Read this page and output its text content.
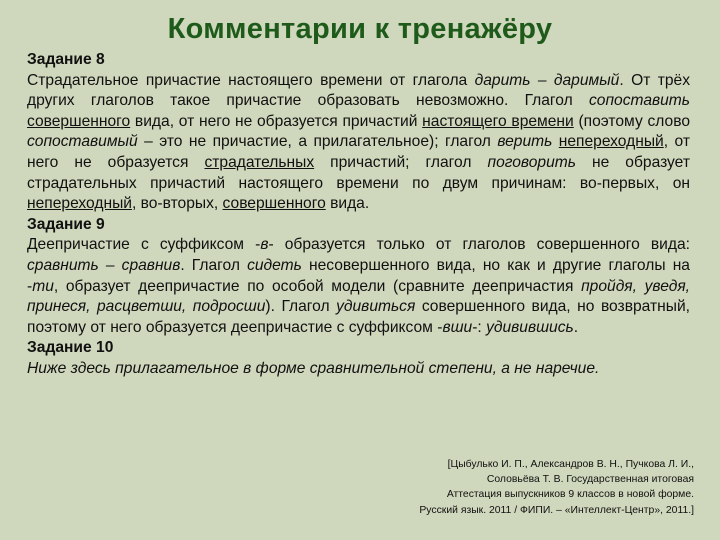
Комментарии к тренажёру
Задание 8
Страдательное причастие настоящего времени от глагола дарить – даримый. От трёх других глаголов такое причастие образовать невозможно. Глагол сопоставить совершенного вида, от него не образуется причастий настоящего времени (поэтому слово сопоставимый – это не причастие, а прилагательное); глагол верить непереходный, от него не образуется страдательных причастий; глагол поговорить не образует страдательных причастий настоящего времени по двум причинам: во-первых, он непереходный, во-вторых, совершенного вида.
Задание 9
Деепричастие с суффиксом -в- образуется только от глаголов совершенного вида: сравнить – сравнив. Глагол сидеть несовершенного вида, но как и другие глаголы на -ти, образует деепричастие по особой модели (сравните деепричастия пройдя, уведя, принеся, расцветши, подросши). Глагол удивиться совершенного вида, но возвратный, поэтому от него образуется деепричастие с суффиксом -вши-: удивившись.
Задание 10
Ниже здесь прилагательное в форме сравнительной степени, а не наречие.
[Цыбулько И. П., Александров В. Н., Пучкова Л. И.,
Соловьёва Т. В. Государственная итоговая
Аттестация выпускников 9 классов в новой форме.
Русский язык. 2011 / ФИПИ. – «Интеллект-Центр», 2011.]
